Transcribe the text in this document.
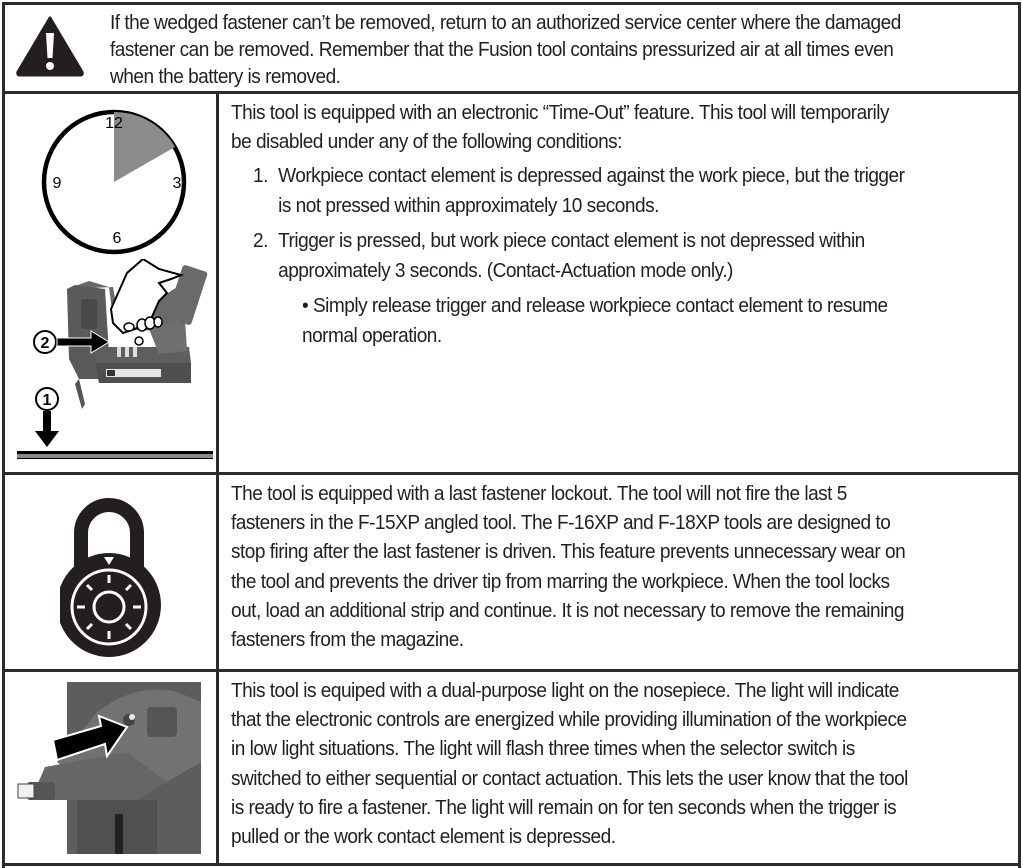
If the wedged fastener can’t be removed, return to an authorized service center where the damaged
fastener can be removed. Remember that the Fusion tool contains pressurized air at all times even
when the battery is removed.
12
3
6
9
2
1
This tool is equipped with an electronic “Time-Out” feature. This tool will temporarily
be disabled under any of the following conditions:
1. Workpiece contact element is depressed against the work piece, but the trigger
is not pressed within approximately 10 seconds.
2. Trigger is pressed, but work piece contact element is not depressed within
approximately 3 seconds. (Contact-Actuation mode only.)
• Simply release trigger and release workpiece contact element to resume
normal operation.
The tool is equipped with a last fastener lockout. The tool will not fire the last 5
fasteners in the F-15XP angled tool. The F-16XP and F-18XP tools are designed to
stop firing after the last fastener is driven. This feature prevents unnecessary wear on
the tool and prevents the driver tip from marring the workpiece. When the tool locks
out, load an additional strip and continue. It is not necessary to remove the remaining
fasteners from the magazine.
This tool is equiped with a dual-purpose light on the nosepiece. The light will indicate
that the electronic controls are energized while providing illumination of the workpiece
in low light situations. The light will flash three times when the selector switch is
switched to either sequential or contact actuation. This lets the user know that the tool
is ready to fire a fastener. The light will remain on for ten seconds when the trigger is
pulled or the work contact element is depressed.
